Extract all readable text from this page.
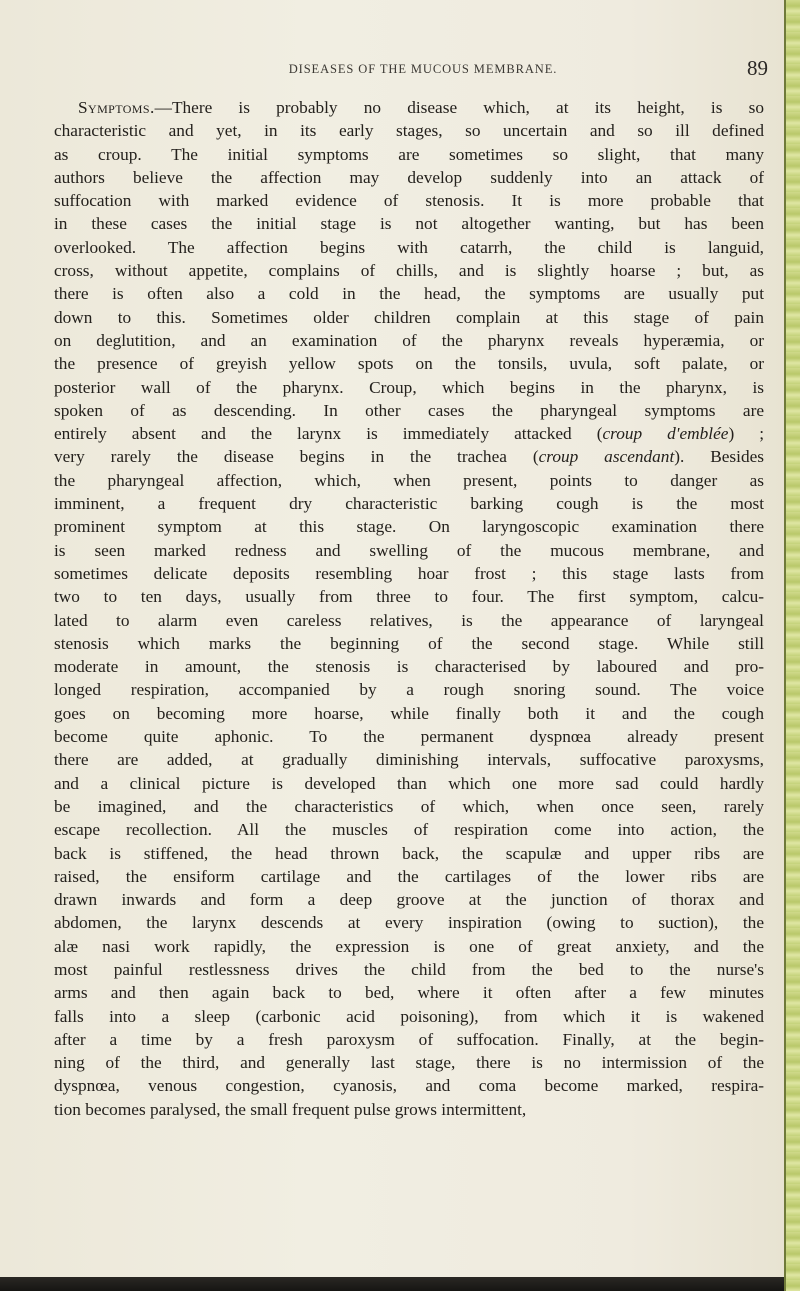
DISEASES OF THE MUCOUS MEMBRANE.	89

Symptoms.—There is probably no disease which, at its height, is so
characteristic and yet, in its early stages, so uncertain and so ill defined
as croup. The initial symptoms are sometimes so slight, that many
authors believe the affection may develop suddenly into an attack of
suffocation with marked evidence of stenosis. It is more probable that
in these cases the initial stage is not altogether wanting, but has been
overlooked. The affection begins with catarrh, the child is languid,
cross, without appetite, complains of chills, and is slightly hoarse ; but, as
there is often also a cold in the head, the symptoms are usually put
down to this. Sometimes older children complain at this stage of pain
on deglutition, and an examination of the pharynx reveals hyperæmia, or
the presence of greyish yellow spots on the tonsils, uvula, soft palate, or
posterior wall of the pharynx. Croup, which begins in the pharynx, is
spoken of as descending. In other cases the pharyngeal symptoms are
entirely absent and the larynx is immediately attacked (croup d'emblée) ;
very rarely the disease begins in the trachea (croup ascendant). Besides
the pharyngeal affection, which, when present, points to danger as
imminent, a frequent dry characteristic barking cough is the most
prominent symptom at this stage. On laryngoscopic examination there
is seen marked redness and swelling of the mucous membrane, and
sometimes delicate deposits resembling hoar frost ; this stage lasts from
two to ten days, usually from three to four. The first symptom, calcu-
lated to alarm even careless relatives, is the appearance of laryngeal
stenosis which marks the beginning of the second stage. While still
moderate in amount, the stenosis is characterised by laboured and pro-
longed respiration, accompanied by a rough snoring sound. The voice
goes on becoming more hoarse, while finally both it and the cough
become quite aphonic. To the permanent dyspnœa already present
there are added, at gradually diminishing intervals, suffocative paroxysms,
and a clinical picture is developed than which one more sad could hardly
be imagined, and the characteristics of which, when once seen, rarely
escape recollection. All the muscles of respiration come into action, the
back is stiffened, the head thrown back, the scapulæ and upper ribs are
raised, the ensiform cartilage and the cartilages of the lower ribs are
drawn inwards and form a deep groove at the junction of thorax and
abdomen, the larynx descends at every inspiration (owing to suction), the
alæ nasi work rapidly, the expression is one of great anxiety, and the
most painful restlessness drives the child from the bed to the nurse's
arms and then again back to bed, where it often after a few minutes
falls into a sleep (carbonic acid poisoning), from which it is wakened
after a time by a fresh paroxysm of suffocation. Finally, at the begin-
ning of the third, and generally last stage, there is no intermission of the
dyspnœa, venous congestion, cyanosis, and coma become marked, respira-
tion becomes paralysed, the small frequent pulse grows intermittent,
